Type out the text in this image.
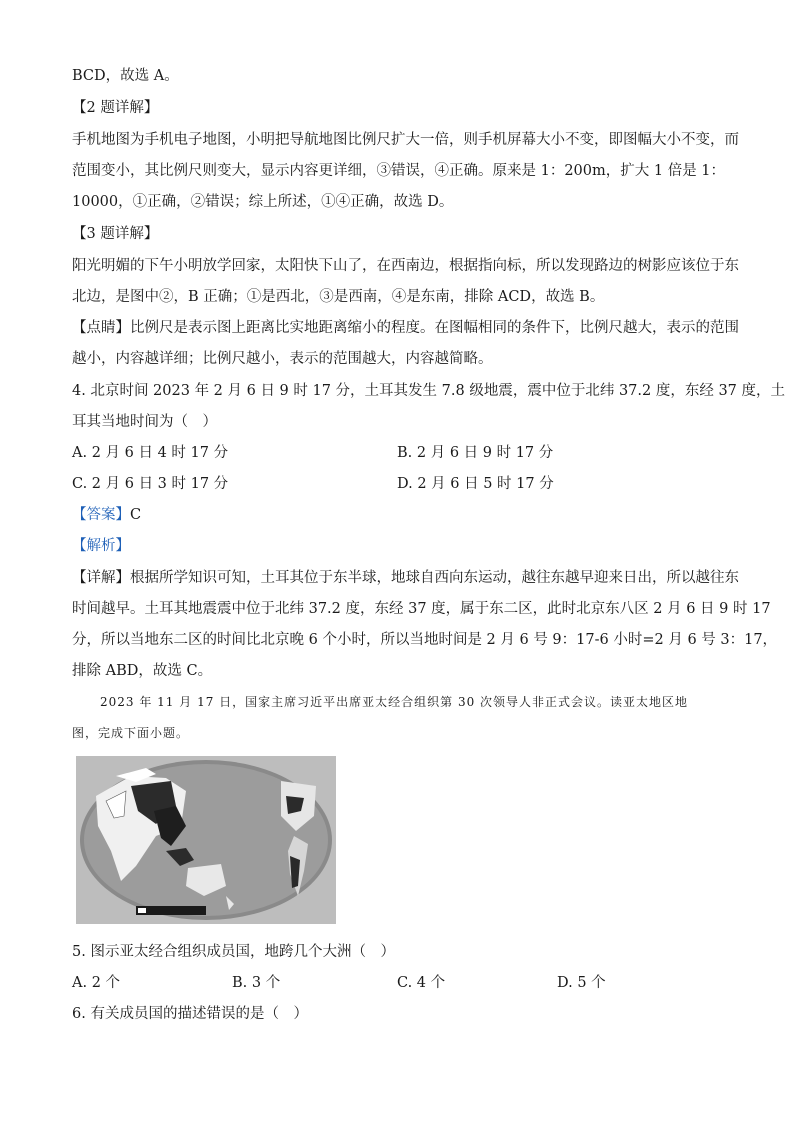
BCD，故选 A。
【2 题详解】
手机地图为手机电子地图，小明把导航地图比例尺扩大一倍，则手机屏幕大小不变，即图幅大小不变，而
范围变小，其比例尺则变大，显示内容更详细，③错误，④正确。原来是 1：200m，扩大 1 倍是 1：
10000，①正确，②错误；综上所述，①④正确，故选 D。
【3 题详解】
阳光明媚的下午小明放学回家，太阳快下山了，在西南边，根据指向标，所以发现路边的树影应该位于东
北边，是图中②，B 正确；①是西北，③是西南，④是东南，排除 ACD，故选 B。
【点睛】比例尺是表示图上距离比实地距离缩小的程度。在图幅相同的条件下，比例尺越大，表示的范围
越小，内容越详细；比例尺越小，表示的范围越大，内容越简略。
4. 北京时间 2023 年 2 月 6 日 9 时 17 分，土耳其发生 7.8 级地震，震中位于北纬 37.2 度，东经 37 度，土
耳其当地时间为（　）
A. 2 月 6 日 4 时 17 分	B. 2 月 6 日 9 时 17 分
C. 2 月 6 日 3 时 17 分	D. 2 月 6 日 5 时 17 分
【答案】C
【解析】
【详解】根据所学知识可知，土耳其位于东半球，地球自西向东运动，越往东越早迎来日出，所以越往东
时间越早。土耳其地震震中位于北纬 37.2 度，东经 37 度，属于东二区，此时北京东八区 2 月 6 日 9 时 17
分，所以当地东二区的时间比北京晚 6 个小时，所以当地时间是 2 月 6 号 9：17-6 小时=2 月 6 号 3：17，
排除 ABD，故选 C。
2023 年 11 月 17 日，国家主席习近平出席亚太经合组织第 30 次领导人非正式会议。读亚太地区地
图，完成下面小题。
5. 图示亚太经合组织成员国，地跨几个大洲（　）
A. 2 个	B. 3 个	C. 4 个	D. 5 个
6. 有关成员国的描述错误的是（　）
